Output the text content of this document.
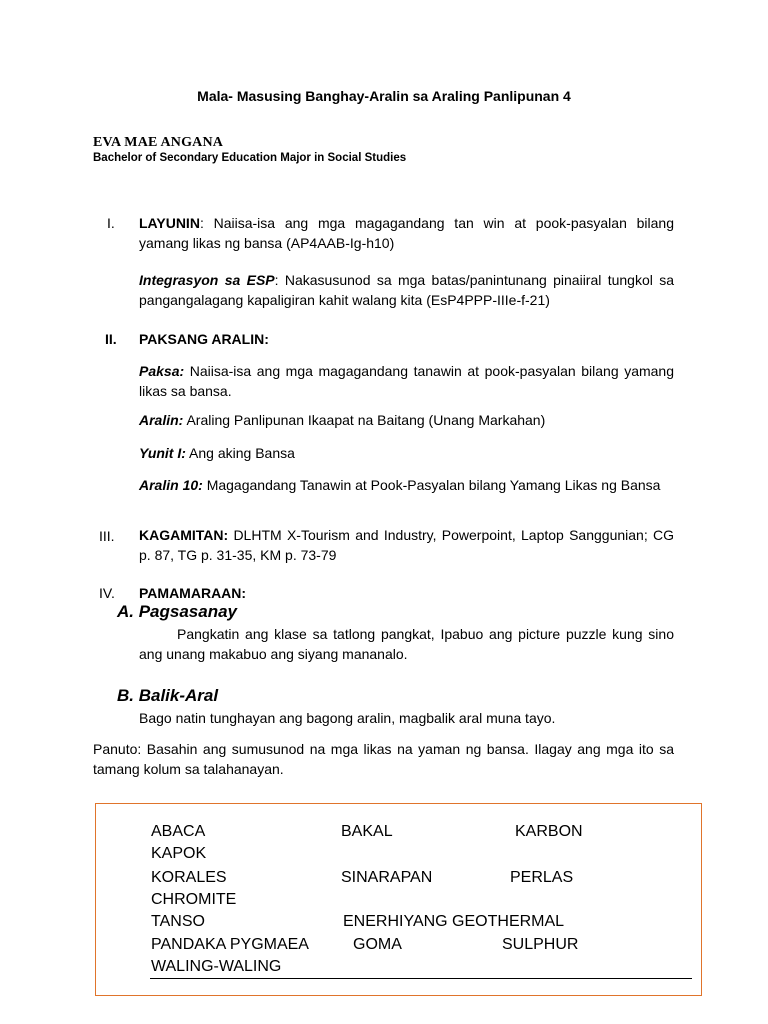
Mala- Masusing Banghay-Aralin sa Araling Panlipunan 4
EVA MAE ANGANA
Bachelor of Secondary Education Major in Social Studies
I.	LAYUNIN: Naiisa-isa ang mga magagandang tan win at pook-pasyalan bilang yamang likas ng bansa (AP4AAB-Ig-h10)
Integrasyon sa ESP: Nakasusunod sa mga batas/panintunang pinaiiral tungkol sa pangangalagang kapaligiran kahit walang kita (EsP4PPP-IIIe-f-21)
II.	PAKSANG ARALIN:
Paksa: Naiisa-isa ang mga magagandang tanawin at pook-pasyalan bilang yamang likas sa bansa.
Aralin: Araling Panlipunan Ikaapat na Baitang (Unang Markahan)
Yunit I: Ang aking Bansa
Aralin 10: Magagandang Tanawin at Pook-Pasyalan bilang Yamang Likas ng Bansa
III.	KAGAMITAN: DLHTM X-Tourism and Industry, Powerpoint, Laptop Sanggunian; CG p. 87, TG p. 31-35, KM p. 73-79
IV.	PAMAMARAAN:
A. Pagsasanay
Pangkatin ang klase sa tatlong pangkat, Ipabuo ang picture puzzle kung sino ang unang makabuo ang siyang mananalo.
B. Balik-Aral
Bago natin tunghayan ang bagong aralin, magbalik aral muna tayo.
Panuto: Basahin ang sumusunod na mga likas na yaman ng bansa. Ilagay ang mga ito sa tamang kolum sa talahanayan.
ABACA	BAKAL	KARBON
KAPOK
KORALES	SINARAPAN	PERLAS
CHROMITE
TANSO	ENERHIYANG GEOTHERMAL
PANDAKA PYGMAEA	GOMA	SULPHUR
WALING-WALING
